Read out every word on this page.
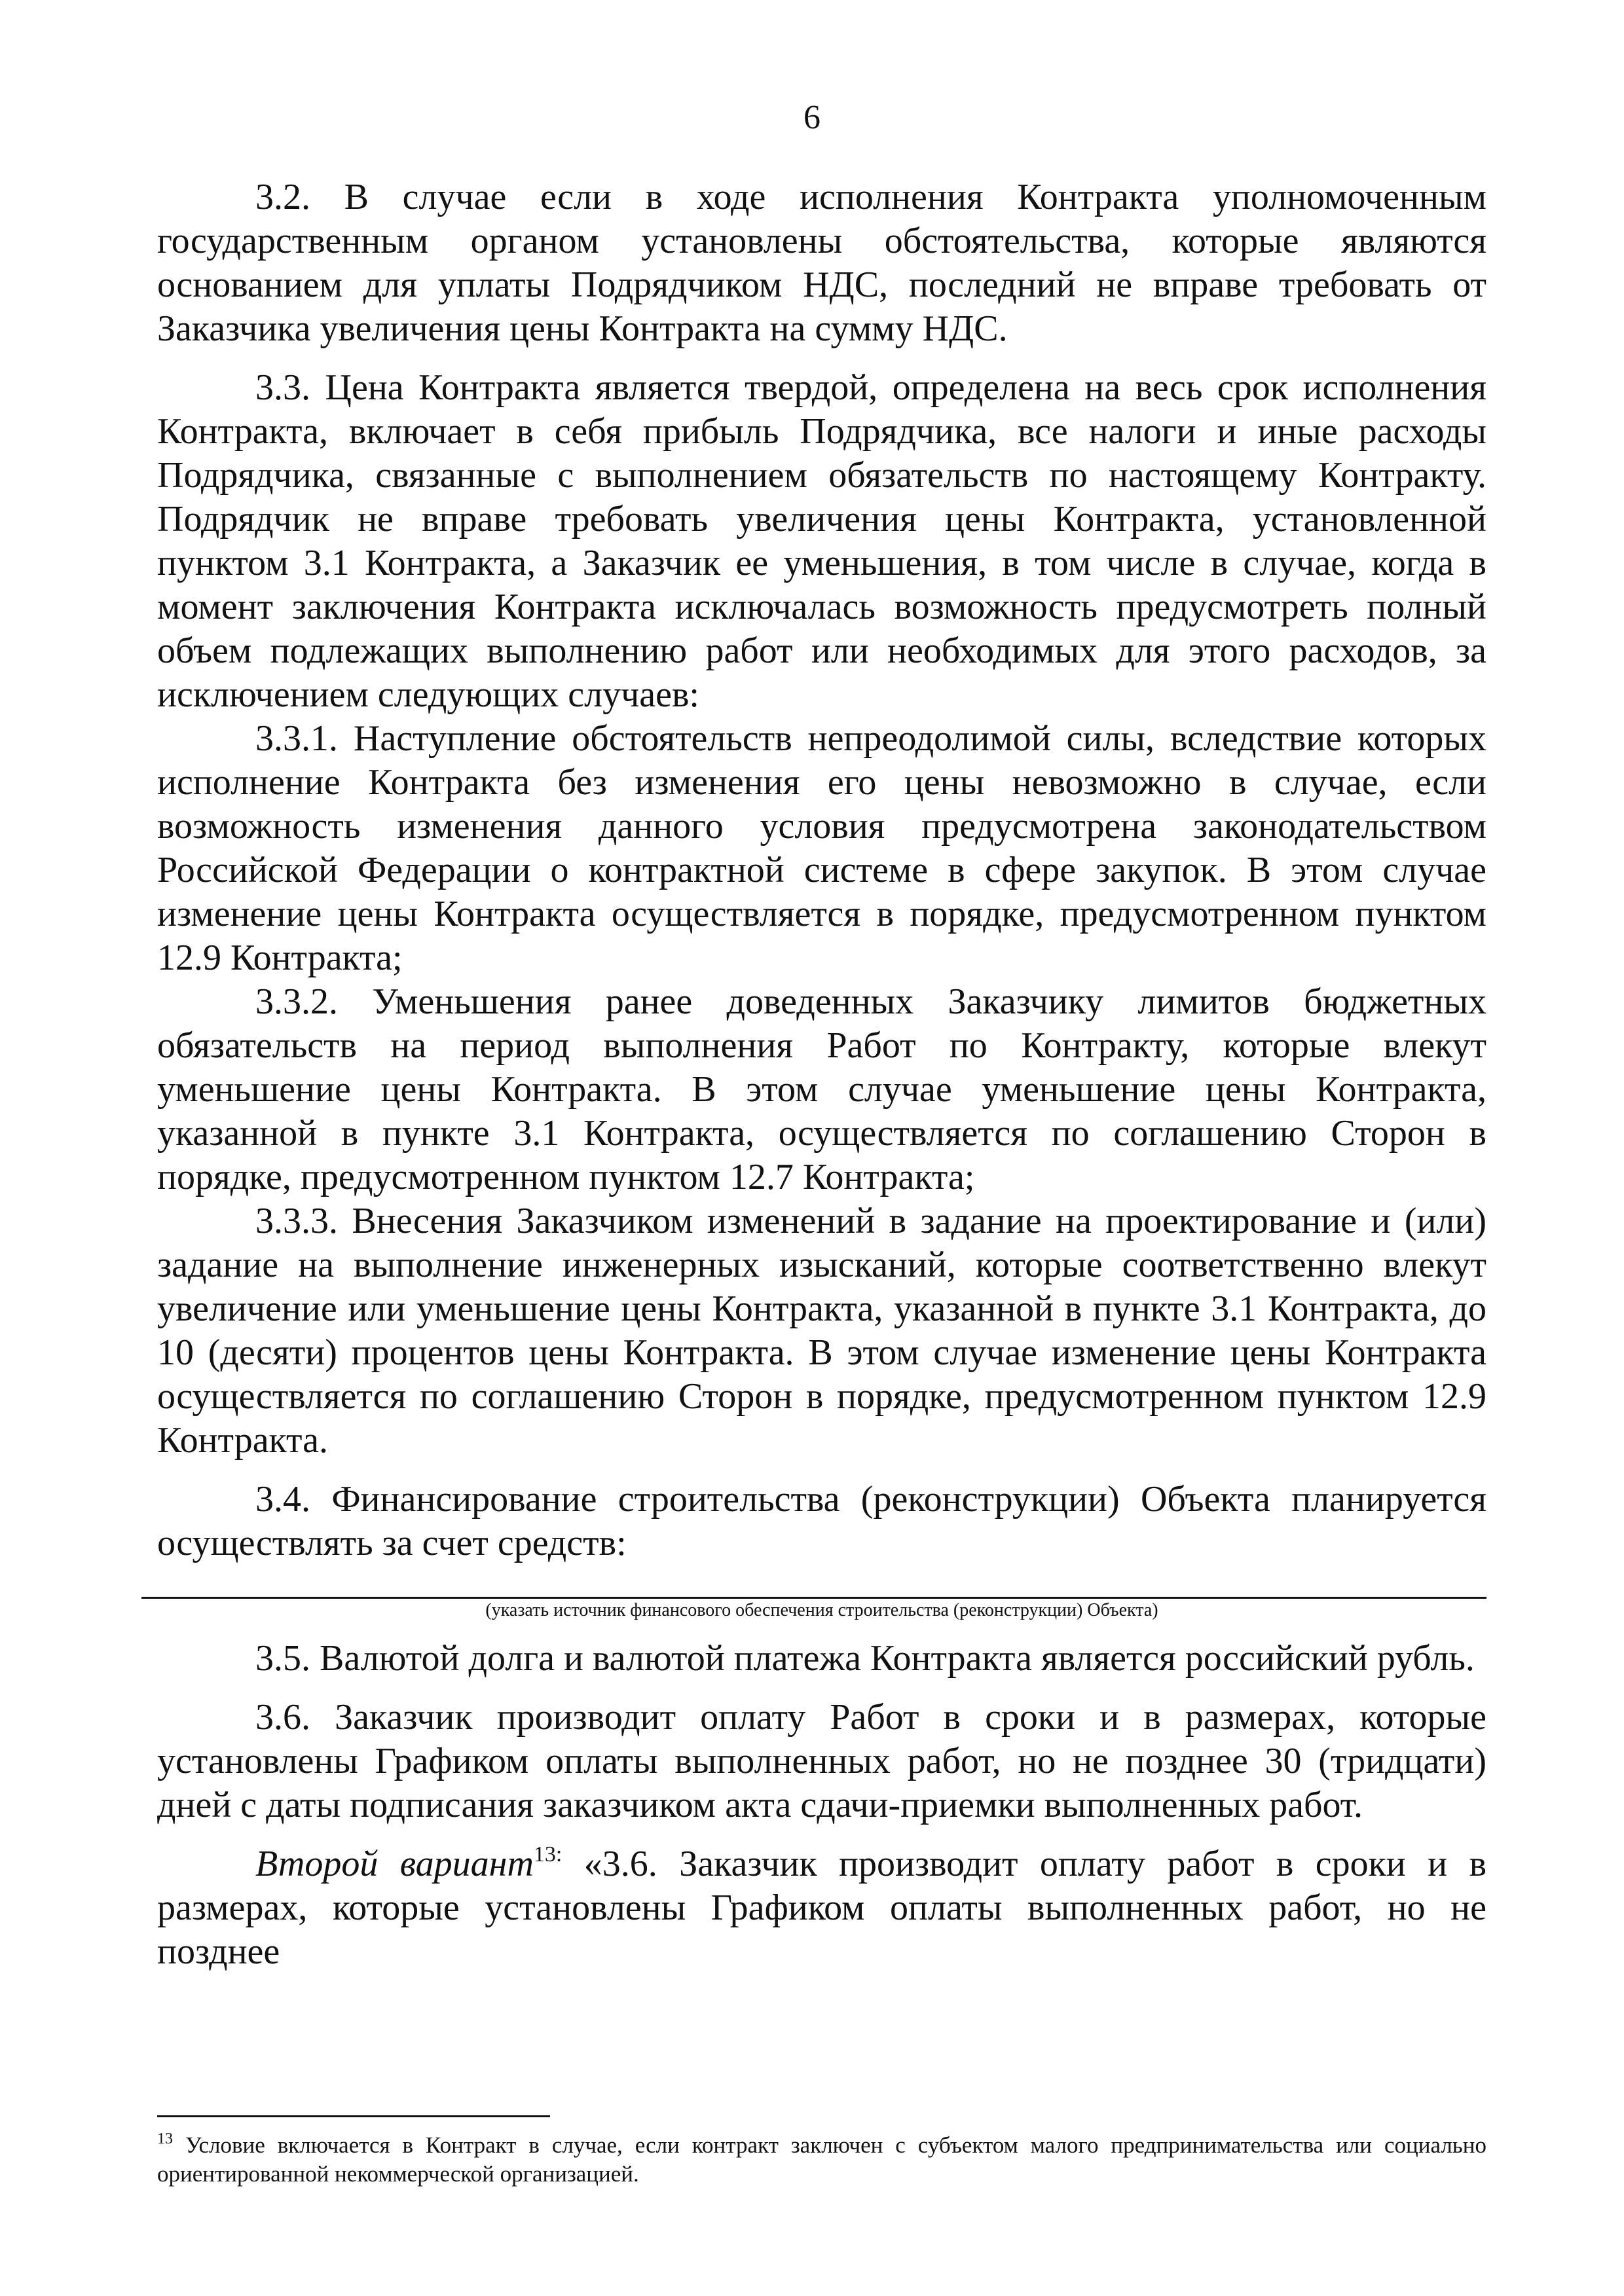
6

3.2. В случае если в ходе исполнения Контракта уполномоченным государственным органом установлены обстоятельства, которые являются основанием для уплаты Подрядчиком НДС, последний не вправе требовать от Заказчика увеличения цены Контракта на сумму НДС.

3.3. Цена Контракта является твердой, определена на весь срок исполнения Контракта, включает в себя прибыль Подрядчика, все налоги и иные расходы Подрядчика, связанные с выполнением обязательств по настоящему Контракту. Подрядчик не вправе требовать увеличения цены Контракта, установленной пунктом 3.1 Контракта, а Заказчик ее уменьшения, в том числе в случае, когда в момент заключения Контракта исключалась возможность предусмотреть полный объем подлежащих выполнению работ или необходимых для этого расходов, за исключением следующих случаев:

3.3.1. Наступление обстоятельств непреодолимой силы, вследствие которых исполнение Контракта без изменения его цены невозможно в случае, если возможность изменения данного условия предусмотрена законодательством Российской Федерации о контрактной системе в сфере закупок. В этом случае изменение цены Контракта осуществляется в порядке, предусмотренном пунктом 12.9 Контракта;

3.3.2. Уменьшения ранее доведенных Заказчику лимитов бюджетных обязательств на период выполнения Работ по Контракту, которые влекут уменьшение цены Контракта. В этом случае уменьшение цены Контракта, указанной в пункте 3.1 Контракта, осуществляется по соглашению Сторон в порядке, предусмотренном пунктом 12.7 Контракта;

3.3.3. Внесения Заказчиком изменений в задание на проектирование и (или) задание на выполнение инженерных изысканий, которые соответственно влекут увеличение или уменьшение цены Контракта, указанной в пункте 3.1 Контракта, до 10 (десяти) процентов цены Контракта. В этом случае изменение цены Контракта осуществляется по соглашению Сторон в порядке, предусмотренном пунктом 12.9 Контракта.

3.4. Финансирование строительства (реконструкции) Объекта планируется осуществлять за счет средств:

(указать источник финансового обеспечения строительства (реконструкции) Объекта)

3.5. Валютой долга и валютой платежа Контракта является российский рубль.

3.6. Заказчик производит оплату Работ в сроки и в размерах, которые установлены Графиком оплаты выполненных работ, но не позднее 30 (тридцати) дней с даты подписания заказчиком акта сдачи-приемки выполненных работ.

Второй вариант$^{13:}$ «3.6. Заказчик производит оплату работ в сроки и в размерах, которые установлены Графиком оплаты выполненных работ, но не позднее

$^{13}$ Условие включается в Контракт в случае, если контракт заключен с субъектом малого предпринимательства или социально ориентированной некоммерческой организацией.
